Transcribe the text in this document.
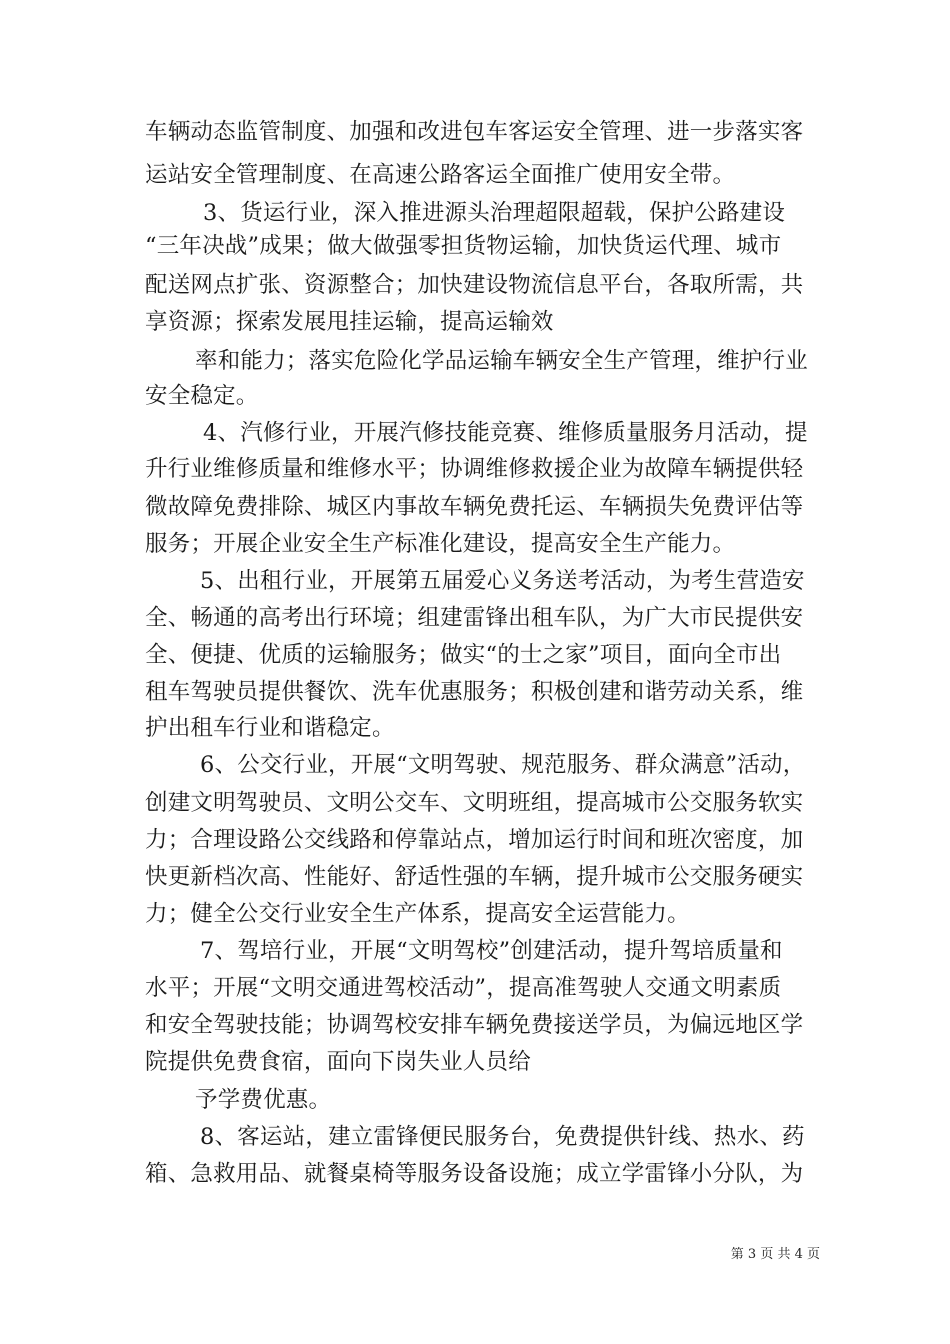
车辆动态监管制度、加强和改进包车客运安全管理、进一步落实客
运站安全管理制度、在高速公路客运全面推广使用安全带。
3、货运行业，深入推进源头治理超限超载，保护公路建设
“三年决战”成果；做大做强零担货物运输，加快货运代理、城市
配送网点扩张、资源整合；加快建设物流信息平台，各取所需，共
享资源；探索发展甩挂运输，提高运输效
率和能力；落实危险化学品运输车辆安全生产管理，维护行业
安全稳定。
4、汽修行业，开展汽修技能竞赛、维修质量服务月活动，提
升行业维修质量和维修水平；协调维修救援企业为故障车辆提供轻
微故障免费排除、城区内事故车辆免费托运、车辆损失免费评估等
服务；开展企业安全生产标准化建设，提高安全生产能力。
5、出租行业，开展第五届爱心义务送考活动，为考生营造安
全、畅通的高考出行环境；组建雷锋出租车队，为广大市民提供安
全、便捷、优质的运输服务；做实“的士之家”项目，面向全市出
租车驾驶员提供餐饮、洗车优惠服务；积极创建和谐劳动关系，维
护出租车行业和谐稳定。
6、公交行业，开展“文明驾驶、规范服务、群众满意”活动，
创建文明驾驶员、文明公交车、文明班组，提高城市公交服务软实
力；合理设路公交线路和停靠站点，增加运行时间和班次密度，加
快更新档次高、性能好、舒适性强的车辆，提升城市公交服务硬实
力；健全公交行业安全生产体系，提高安全运营能力。
7、驾培行业，开展“文明驾校”创建活动，提升驾培质量和
水平；开展“文明交通进驾校活动”，提高准驾驶人交通文明素质
和安全驾驶技能；协调驾校安排车辆免费接送学员，为偏远地区学
院提供免费食宿，面向下岗失业人员给
予学费优惠。
8、客运站，建立雷锋便民服务台，免费提供针线、热水、药
箱、急救用品、就餐桌椅等服务设备设施；成立学雷锋小分队，为
第 3 页 共 4 页
